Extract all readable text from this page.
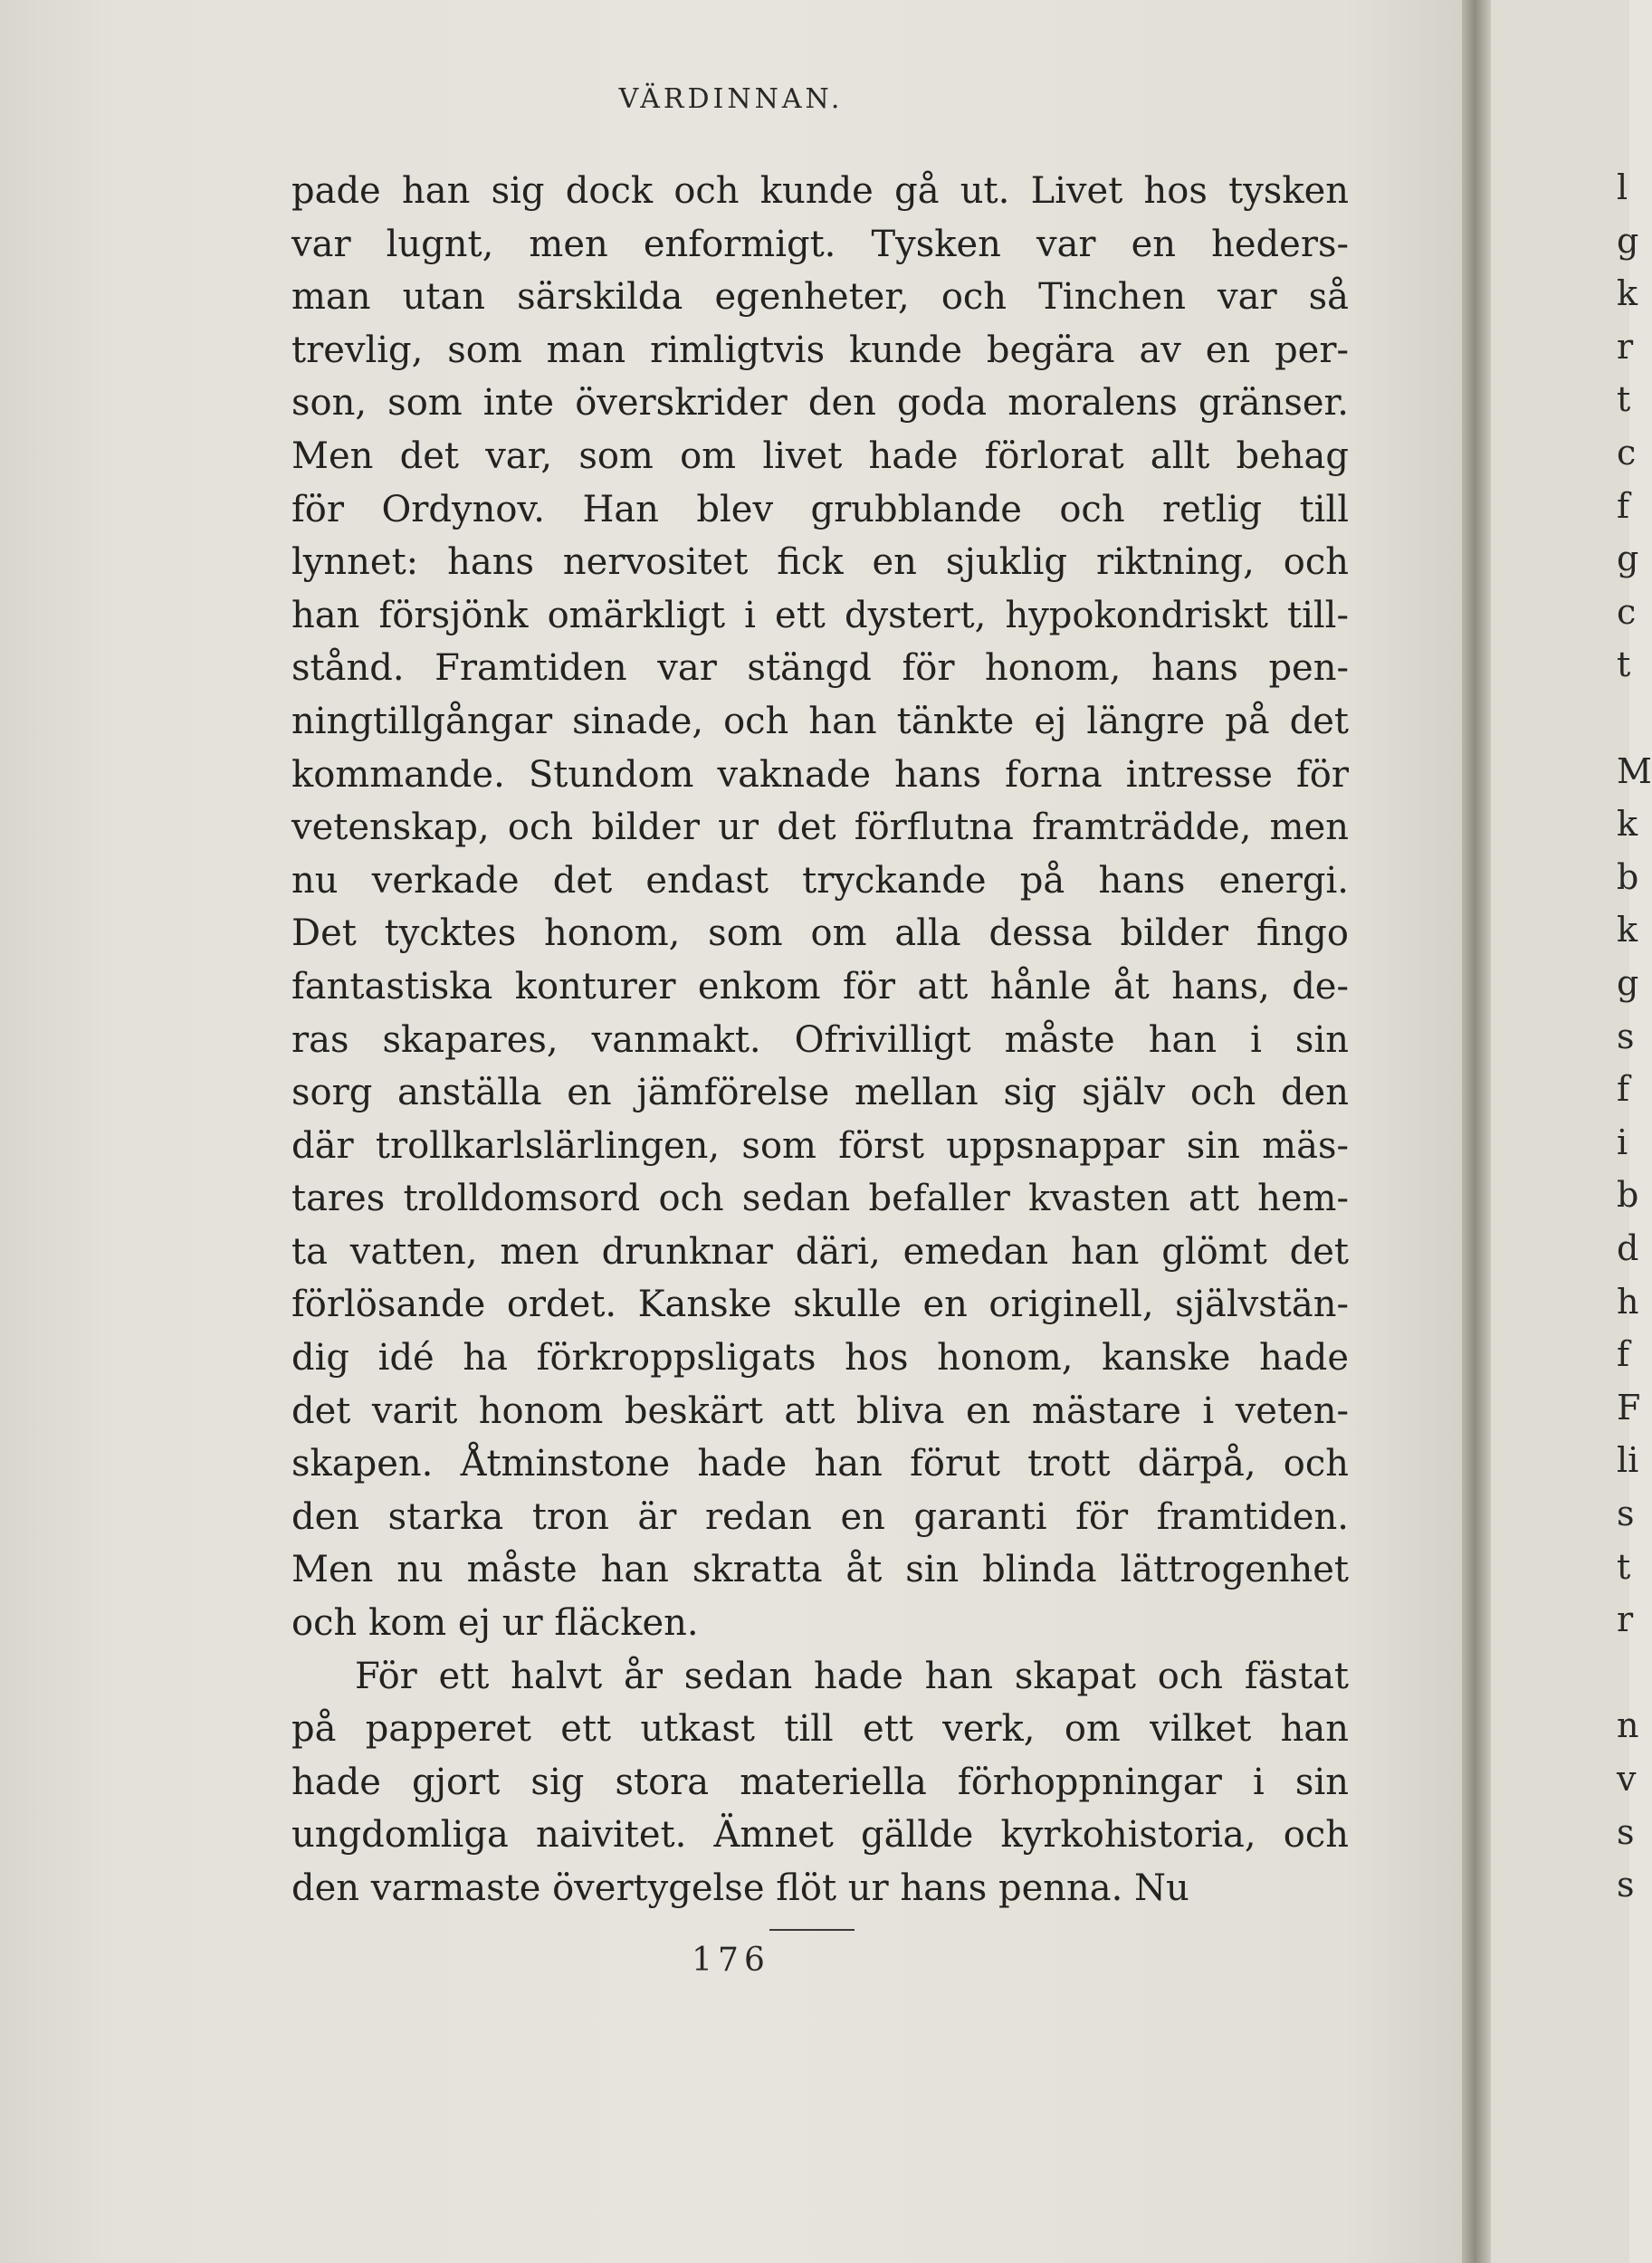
VÄRDINNAN.
pade han sig dock och kunde gå ut. Livet hos tysken
var lugnt, men enformigt. Tysken var en heders-
man utan särskilda egenheter, och Tinchen var så
trevlig, som man rimligtvis kunde begära av en per-
son, som inte överskrider den goda moralens gränser.
Men det var, som om livet hade förlorat allt behag
för Ordynov. Han blev grubblande och retlig till
lynnet: hans nervositet fick en sjuklig riktning, och
han försjönk omärkligt i ett dystert, hypokondriskt till-
stånd. Framtiden var stängd för honom, hans pen-
ningtillgångar sinade, och han tänkte ej längre på det
kommande. Stundom vaknade hans forna intresse för
vetenskap, och bilder ur det förflutna framträdde, men
nu verkade det endast tryckande på hans energi.
Det tycktes honom, som om alla dessa bilder fingo
fantastiska konturer enkom för att hånle åt hans, de-
ras skapares, vanmakt. Ofrivilligt måste han i sin
sorg anställa en jämförelse mellan sig själv och den
där trollkarlslärlingen, som först uppsnappar sin mäs-
tares trolldomsord och sedan befaller kvasten att hem-
ta vatten, men drunknar däri, emedan han glömt det
förlösande ordet. Kanske skulle en originell, självstän-
dig idé ha förkroppsligats hos honom, kanske hade
det varit honom beskärt att bliva en mästare i veten-
skapen. Åtminstone hade han förut trott därpå, och
den starka tron är redan en garanti för framtiden.
Men nu måste han skratta åt sin blinda lättrogenhet
och kom ej ur fläcken.
För ett halvt år sedan hade han skapat och fästat
på papperet ett utkast till ett verk, om vilket han
hade gjort sig stora materiella förhoppningar i sin
ungdomliga naivitet. Ämnet gällde kyrkohistoria, och
den varmaste övertygelse flöt ur hans penna. Nu
176
l
g
k
r
t
c
f
g
c
t
M
k
b
k
g
s
f
i
b
d
h
f
F
li
s
t
r
n
v
s
s
